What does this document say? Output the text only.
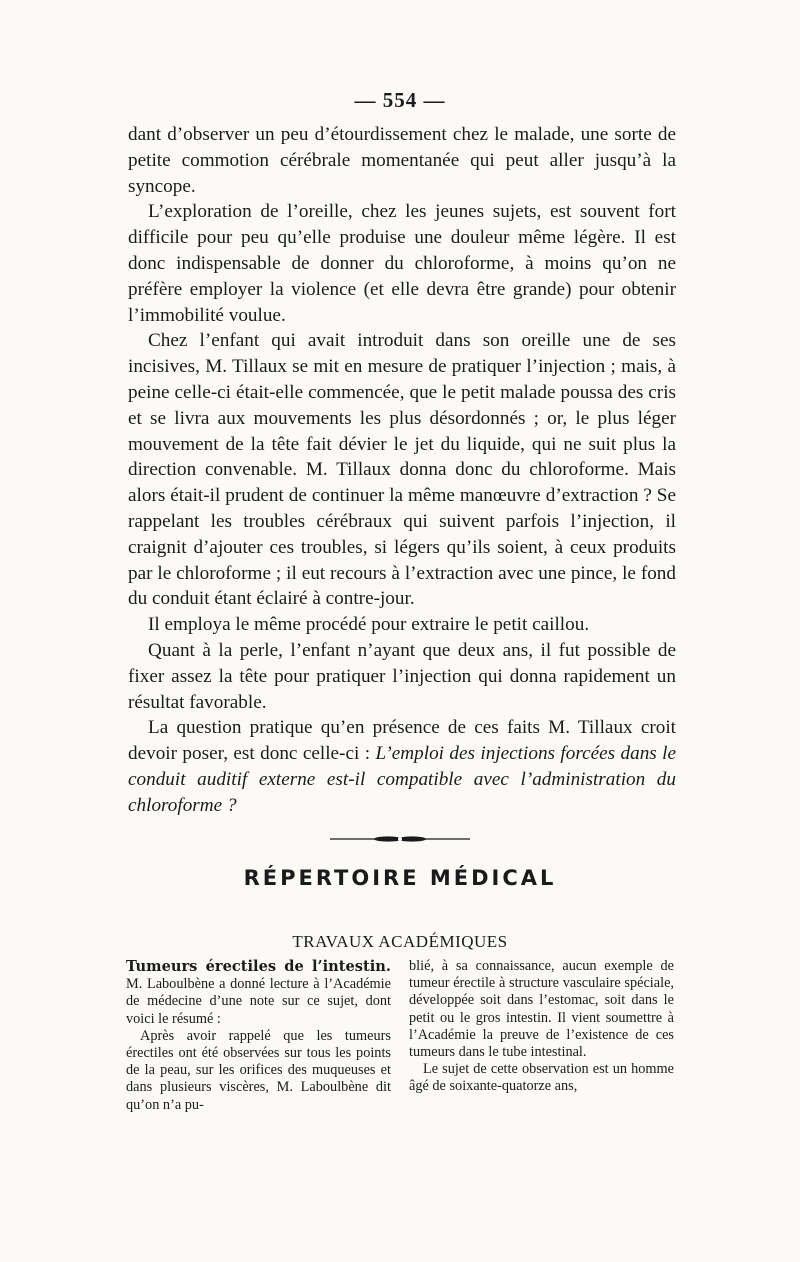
— 554 —

dant d’observer un peu d’étourdissement chez le malade, une sorte de petite commotion cérébrale momentanée qui peut aller jusqu’à la syncope.

L’exploration de l’oreille, chez les jeunes sujets, est souvent fort difficile pour peu qu’elle produise une douleur même légère. Il est donc indispensable de donner du chloroforme, à moins qu’on ne préfère employer la violence (et elle devra être grande) pour obtenir l’immobilité voulue.

Chez l’enfant qui avait introduit dans son oreille une de ses incisives, M. Tillaux se mit en mesure de pratiquer l’injection ; mais, à peine celle-ci était-elle commencée, que le petit malade poussa des cris et se livra aux mouvements les plus désordonnés ; or, le plus léger mouvement de la tête fait dévier le jet du liquide, qui ne suit plus la direction convenable. M. Tillaux donna donc du chloroforme. Mais alors était-il prudent de continuer la même manœuvre d’extraction ? Se rappelant les troubles cérébraux qui suivent parfois l’injection, il craignit d’ajouter ces troubles, si légers qu’ils soient, à ceux produits par le chloroforme ; il eut recours à l’extraction avec une pince, le fond du conduit étant éclairé à contre-jour.

Il employa le même procédé pour extraire le petit caillou.

Quant à la perle, l’enfant n’ayant que deux ans, il fut possible de fixer assez la tête pour pratiquer l’injection qui donna rapidement un résultat favorable.

La question pratique qu’en présence de ces faits M. Tillaux croit devoir poser, est donc celle-ci : L’emploi des injections forcées dans le conduit auditif externe est-il compatible avec l’administration du chloroforme ?

RÉPERTOIRE MÉDICAL
TRAVAUX ACADÉMIQUES

Tumeurs érectiles de l’intestin. M. Laboulbène a donné lecture à l’Académie de médecine d’une note sur ce sujet, dont voici le résumé :

Après avoir rappelé que les tumeurs érectiles ont été observées sur tous les points de la peau, sur les orifices des muqueuses et dans plusieurs viscères, M. Laboulbène dit qu’on n’a pu-

blié, à sa connaissance, aucun exemple de tumeur érectile à structure vasculaire spéciale, développée soit dans l’estomac, soit dans le petit ou le gros intestin. Il vient soumettre à l’Académie la preuve de l’existence de ces tumeurs dans le tube intestinal.

Le sujet de cette observation est un homme âgé de soixante-quatorze ans,
